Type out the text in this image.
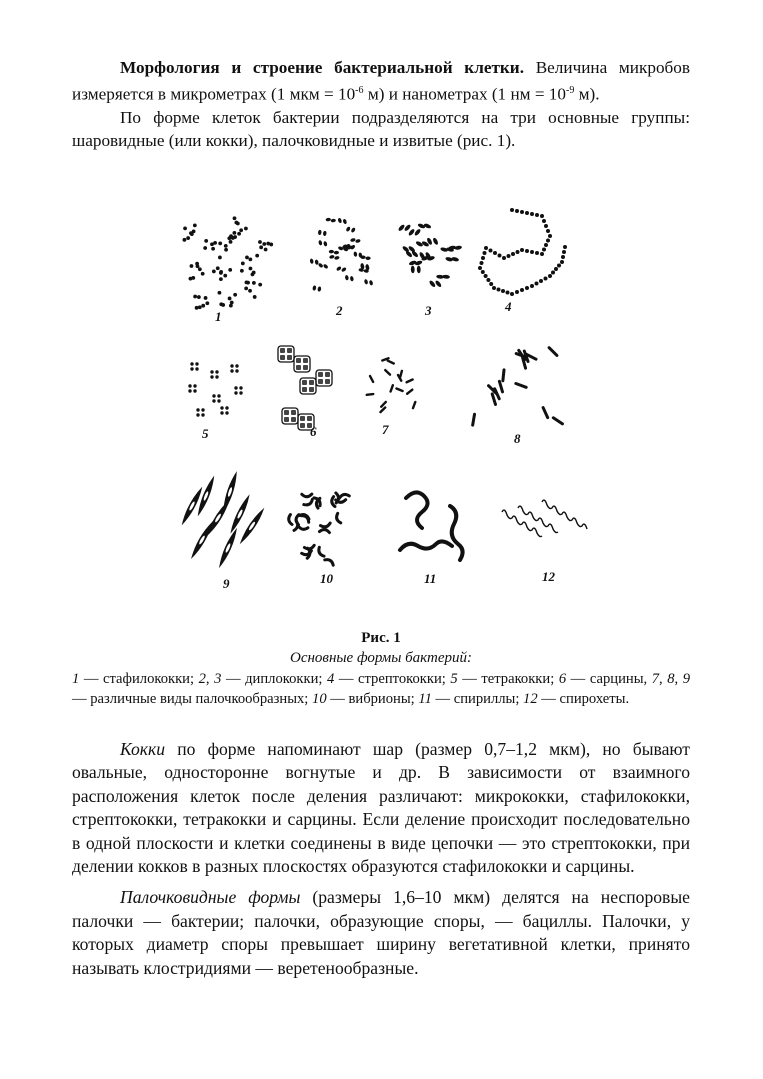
Морфология и строение бактериальной клетки. Величина микробов измеряется в микрометрах (1 мкм = $10^{-6}$ м) и нанометрах (1 нм = $10^{-9}$ м).

По форме клеток бактерии подразделяются на три основные группы: шаровидные (или кокки), палочковидные и извитые (рис. 1).

1	2	3	4
5	6	7
8
9	10	11	12
Рис. 1
Основные формы бактерий:
1 — стафилококки; 2, 3 — диплококки; 4 — стрептококки; 5 — тетракокки; 6 — сарцины, 7, 8, 9 — различные виды палочкообразных; 10 — вибрионы; 11 — спириллы; 12 — спирохеты.

Кокки по форме напоминают шар (размер 0,7–1,2 мкм), но бывают овальные, односторонне вогнутые и др. В зависимости от взаимного расположения клеток после деления различают: микрококки, стафилококки, стрептококки, тетракокки и сарцины. Если деление происходит последовательно в одной плоскости и клетки соединены в виде цепочки — это стрептококки, при делении кокков в разных плоскостях образуются стафилококки и сарцины.

Палочковидные формы (размеры 1,6–10 мкм) делятся на неспоровые палочки — бактерии; палочки, образующие споры, — бациллы. Палочки, у которых диаметр споры превышает ширину вегетативной клетки, принято называть клостридиями — веретенообразные.
